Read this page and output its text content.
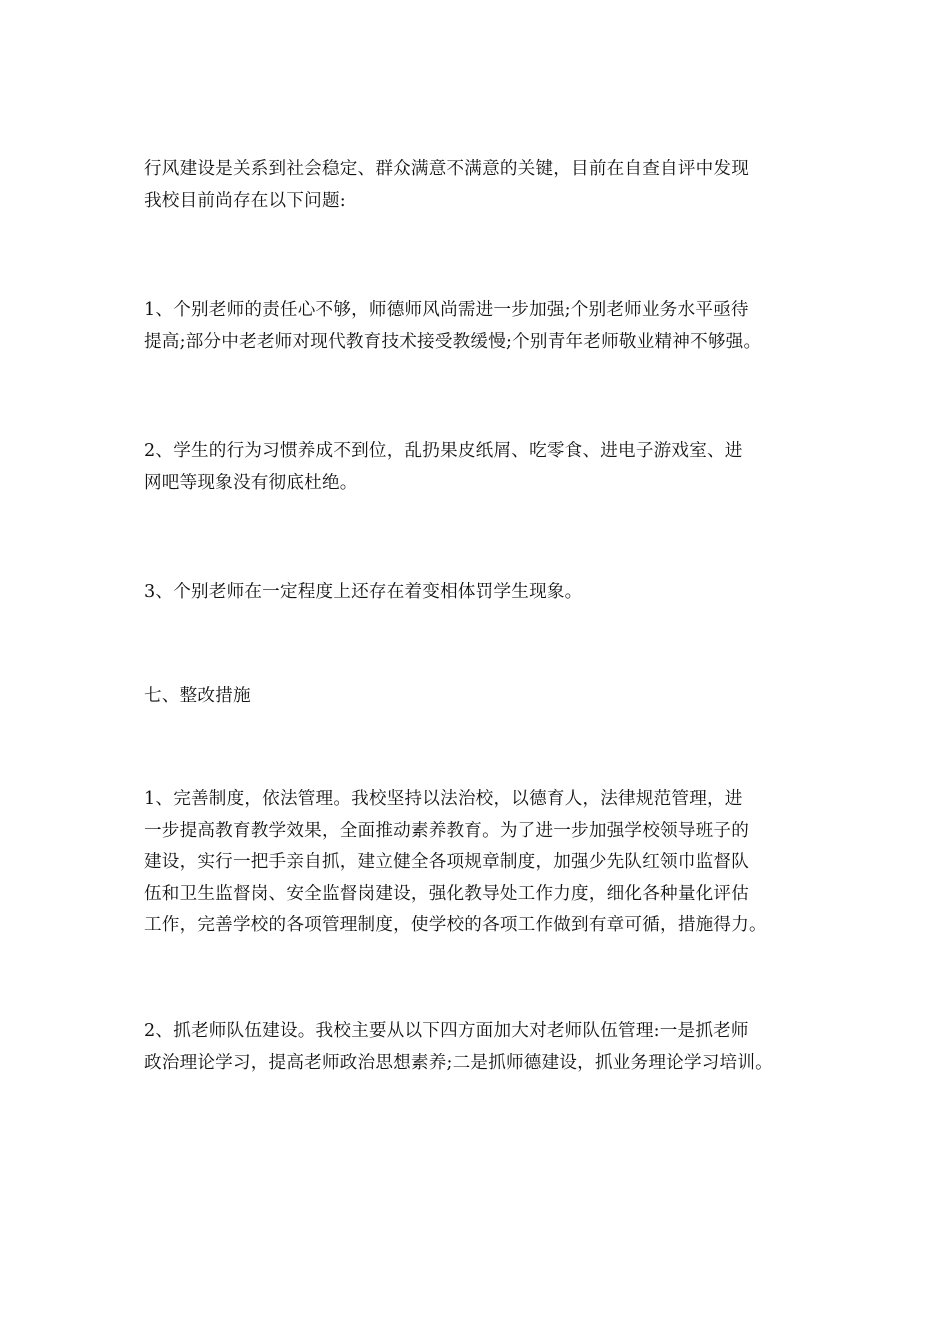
行风建设是关系到社会稳定、群众满意不满意的关键，目前在自查自评中发现
我校目前尚存在以下问题:

1、个别老师的责任心不够，师德师风尚需进一步加强;个别老师业务水平亟待
提高;部分中老老师对现代教育技术接受教缓慢;个别青年老师敬业精神不够强。

2、学生的行为习惯养成不到位，乱扔果皮纸屑、吃零食、进电子游戏室、进
网吧等现象没有彻底杜绝。

3、个别老师在一定程度上还存在着变相体罚学生现象。

七、整改措施

1、完善制度，依法管理。我校坚持以法治校，以德育人，法律规范管理，进
一步提高教育教学效果，全面推动素养教育。为了进一步加强学校领导班子的
建设，实行一把手亲自抓，建立健全各项规章制度，加强少先队红领巾监督队
伍和卫生监督岗、安全监督岗建设，强化教导处工作力度，细化各种量化评估
工作，完善学校的各项管理制度，使学校的各项工作做到有章可循，措施得力。

2、抓老师队伍建设。我校主要从以下四方面加大对老师队伍管理:一是抓老师
政治理论学习，提高老师政治思想素养;二是抓师德建设，抓业务理论学习培训。
